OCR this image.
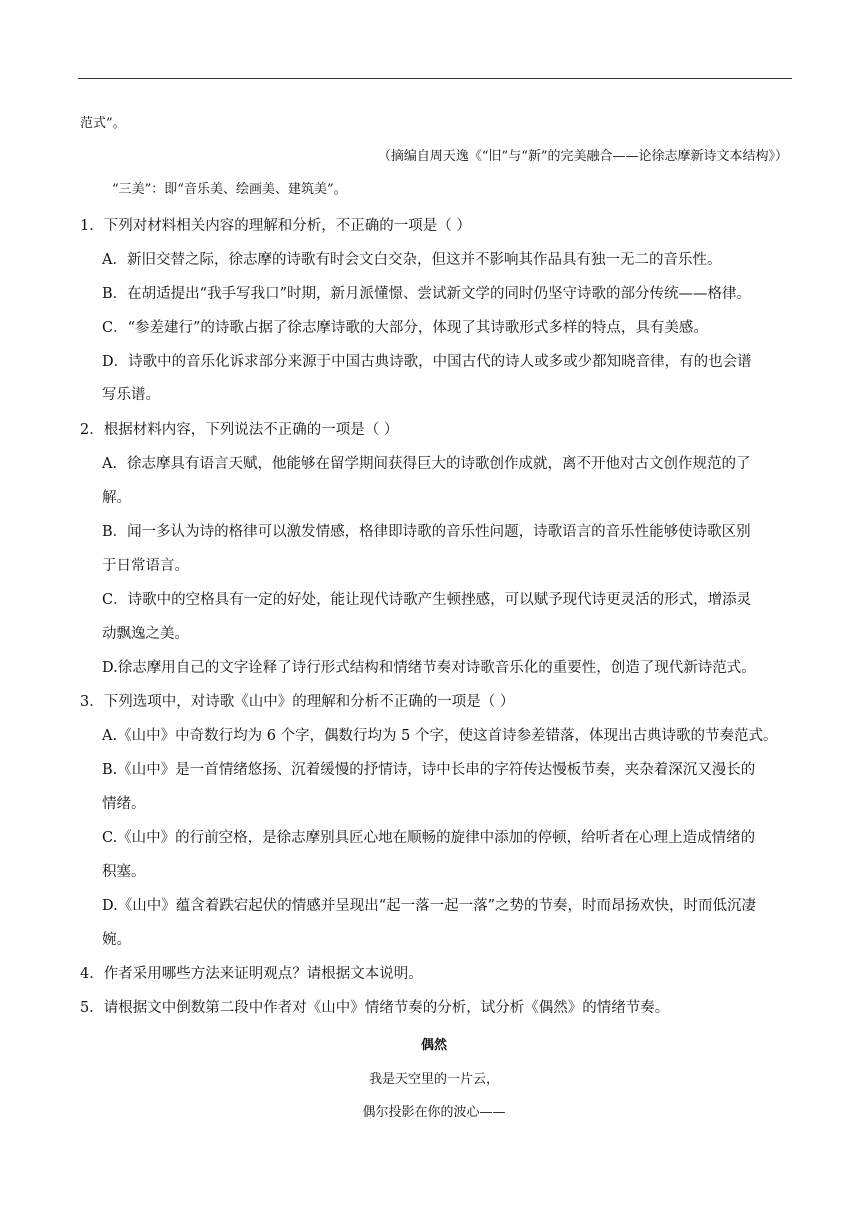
范式”。
（摘编自周天逸《“旧”与“新”的完美融合——论徐志摩新诗文本结构》）
“三美”：即“音乐美、绘画美、建筑美”。
1．下列对材料相关内容的理解和分析，不正确的一项是（ ）
A．新旧交替之际，徐志摩的诗歌有时会文白交杂，但这并不影响其作品具有独一无二的音乐性。
B．在胡适提出“我手写我口”时期，新月派懂憬、尝试新文学的同时仍坚守诗歌的部分传统——格律。
C．“参差建行”的诗歌占据了徐志摩诗歌的大部分，体现了其诗歌形式多样的特点，具有美感。
D．诗歌中的音乐化诉求部分来源于中国古典诗歌，中国古代的诗人或多或少都知晓音律，有的也会谱
写乐谱。
2．根据材料内容，下列说法不正确的一项是（ ）
A．徐志摩具有语言天赋，他能够在留学期间获得巨大的诗歌创作成就，离不开他对古文创作规范的了
解。
B．闻一多认为诗的格律可以激发情感，格律即诗歌的音乐性问题，诗歌语言的音乐性能够使诗歌区别
于日常语言。
C．诗歌中的空格具有一定的好处，能让现代诗歌产生顿挫感，可以赋予现代诗更灵活的形式，增添灵
动飘逸之美。
D.徐志摩用自己的文字诠释了诗行形式结构和情绪节奏对诗歌音乐化的重要性，创造了现代新诗范式。
3．下列选项中，对诗歌《山中》的理解和分析不正确的一项是（ ）
A.《山中》中奇数行均为 6 个字，偶数行均为 5 个字，使这首诗参差错落，体现出古典诗歌的节奏范式。
B.《山中》是一首情绪悠扬、沉着缓慢的抒情诗，诗中长串的字符传达慢板节奏，夹杂着深沉又漫长的
情绪。
C.《山中》的行前空格，是徐志摩别具匠心地在顺畅的旋律中添加的停顿，给听者在心理上造成情绪的
积塞。
D.《山中》蕴含着跌宕起伏的情感并呈现出“起一落一起一落”之势的节奏，时而昂扬欢快，时而低沉凄
婉。
4．作者采用哪些方法来证明观点？请根据文本说明。
5．请根据文中倒数第二段中作者对《山中》情绪节奏的分析，试分析《偶然》的情绪节奏。
偶然
我是天空里的一片云，
偶尔投影在你的波心——
